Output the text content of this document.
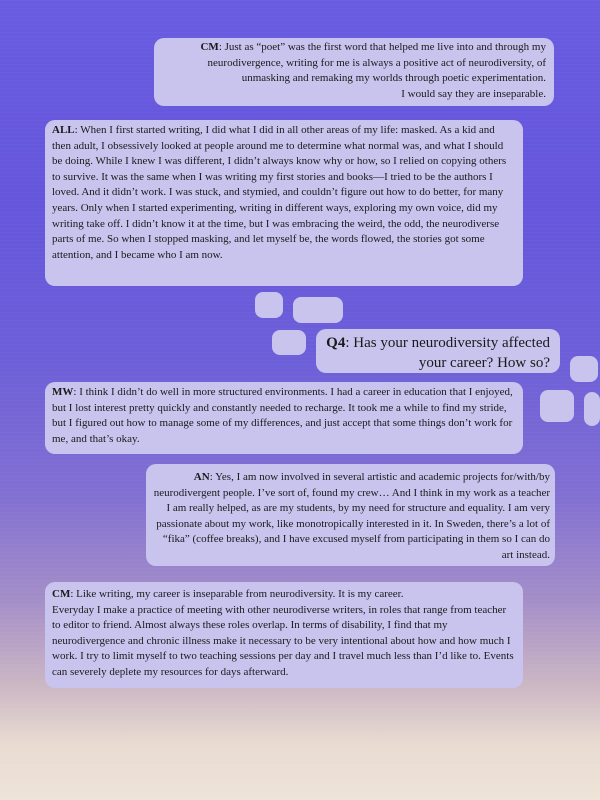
CM: Just as “poet” was the first word that helped me live into and through my neurodivergence, writing for me is always a positive act of neurodiversity, of unmasking and remaking my worlds through poetic experimentation.

I would say they are inseparable.

ALL: When I first started writing, I did what I did in all other areas of my life: masked. As a kid and then adult, I obsessively looked at people around me to determine what normal was, and what I should be doing. While I knew I was different, I didn’t always know why or how, so I relied on copying others to survive. It was the same when I was writing my first stories and books—I tried to be the authors I loved. And it didn’t work. I was stuck, and stymied, and couldn’t figure out how to do better, for many years. Only when I started experimenting, writing in different ways, exploring my own voice, did my writing take off. I didn’t know it at the time, but I was embracing the weird, the odd, the neurodiverse parts of me. So when I stopped masking, and let myself be, the words flowed, the stories got some attention, and I became who I am now.

Q4: Has your neurodiversity affected

your career? How so?

MW: I think I didn’t do well in more structured environments. I had a career in education that I enjoyed, but I lost interest pretty quickly and constantly needed to recharge. It took me a while to find my stride, but I figured out how to manage some of my differences, and just accept that some things don’t work for me, and that’s okay.

AN: Yes, I am now involved in several artistic and academic projects for/with/by neurodivergent people. I’ve sort of, found my crew… And I think in my work as a teacher I am really helped, as are my students, by my need for structure and equality. I am very passionate about my work, like monotropically interested in it. In Sweden, there’s a lot of “fika” (coffee breaks), and I have excused myself from participating in them so I can do art instead.

CM: Like writing, my career is inseparable from neurodiversity. It is my career.

Everyday I make a practice of meeting with other neurodiverse writers, in roles that range from teacher to editor to friend. Almost always these roles overlap. In terms of disability, I find that my neurodivergence and chronic illness make it necessary to be very intentional about how and how much I work. I try to limit myself to two teaching sessions per day and I travel much less than I’d like to. Events can severely deplete my resources for days afterward.
